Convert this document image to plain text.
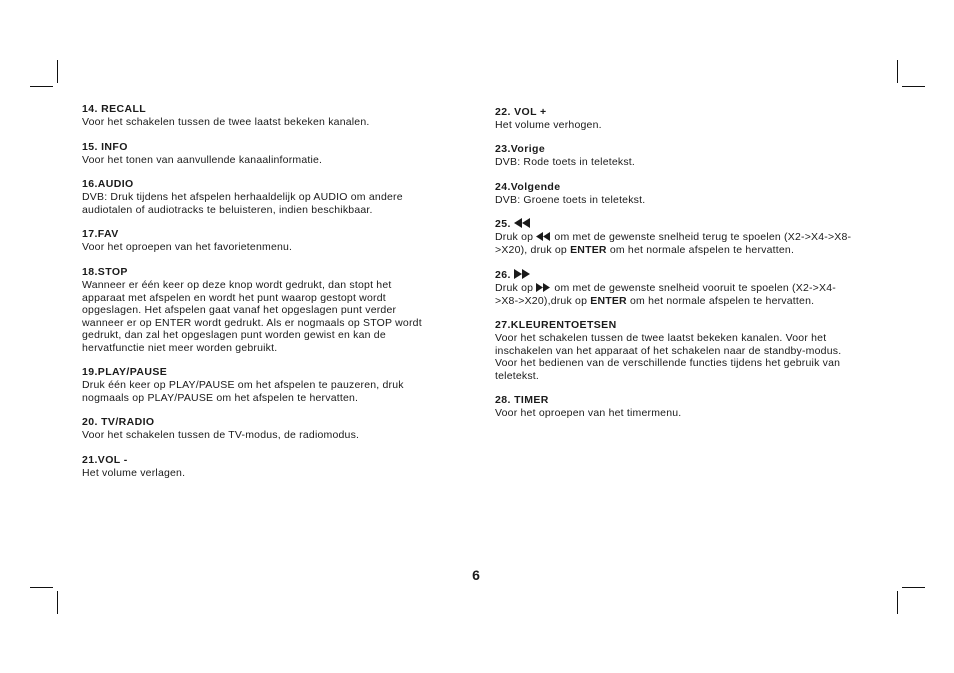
14. RECALL

Voor het schakelen tussen de twee laatst bekeken kanalen.

15. INFO

Voor het tonen van aanvullende kanaalinformatie.

16.AUDIO

DVB: Druk tijdens het afspelen herhaaldelijk op AUDIO om andere

audiotalen of audiotracks te beluisteren, indien beschikbaar.

17.FAV

Voor het oproepen van het favorietenmenu.

18.STOP

Wanneer er één keer op deze knop wordt gedrukt, dan stopt het

apparaat met afspelen en wordt het punt waarop gestopt wordt

opgeslagen. Het afspelen gaat vanaf het opgeslagen punt verder

wanneer er op ENTER wordt gedrukt. Als er nogmaals op STOP wordt

gedrukt, dan zal het opgeslagen punt worden gewist en kan de

hervatfunctie niet meer worden gebruikt.

19.PLAY/PAUSE

Druk één keer op PLAY/PAUSE om het afspelen te pauzeren, druk

nogmaals op PLAY/PAUSE om het afspelen te hervatten.

20. TV/RADIO

Voor het schakelen tussen de TV-modus, de radiomodus.

21.VOL -

Het volume verlagen.

22. VOL +

Het volume verhogen.

23.Vorige

DVB: Rode toets in teletekst.

24.Volgende

DVB: Groene toets in teletekst.

25.

Druk op om met de gewenste snelheid terug te spoelen (X2->X4->X8-

>X20), druk op ENTER om het normale afspelen te hervatten.

26.

Druk op om met de gewenste snelheid vooruit te spoelen (X2->X4-

>X8->X20),druk op ENTER om het normale afspelen te hervatten.

27.KLEURENTOETSEN

Voor het schakelen tussen de twee laatst bekeken kanalen. Voor het

inschakelen van het apparaat of het schakelen naar de standby-modus.

Voor het bedienen van de verschillende functies tijdens het gebruik van

teletekst.

28. TIMER

Voor het oproepen van het timermenu.

6
